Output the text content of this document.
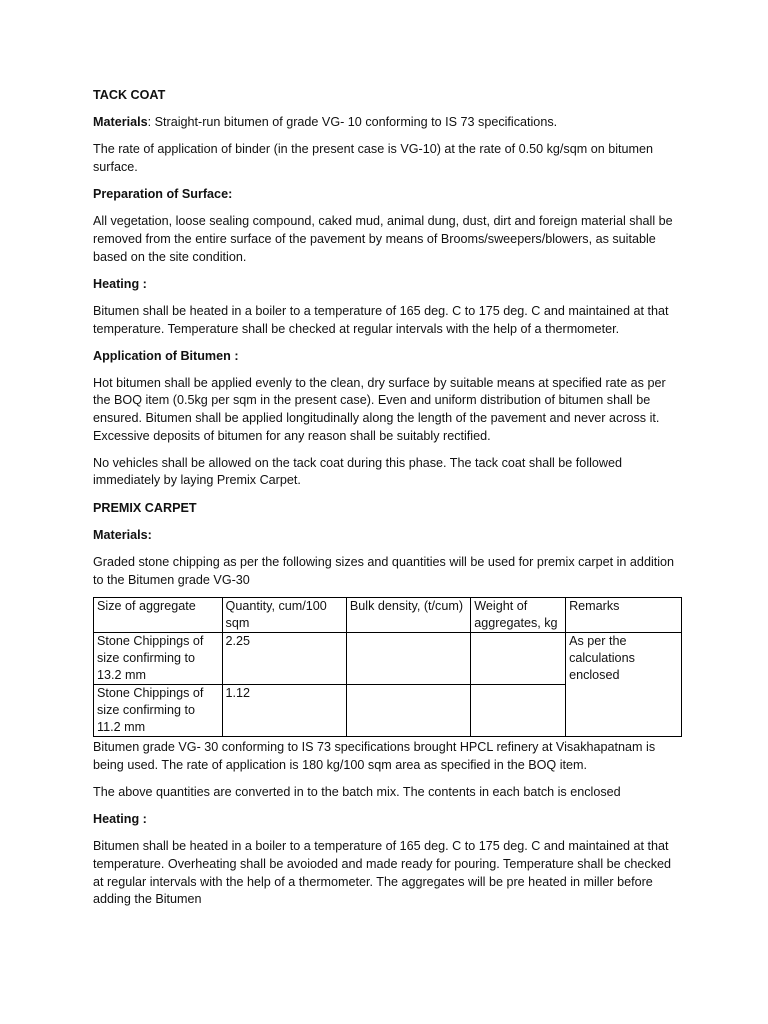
TACK COAT

Materials: Straight-run bitumen of grade VG- 10 conforming to IS 73 specifications.

The rate of application of binder (in the present case is VG-10) at the rate of 0.50 kg/sqm on bitumen surface.

Preparation of Surface:

All vegetation, loose sealing compound, caked mud, animal dung, dust, dirt and foreign material shall be removed from the entire surface of the pavement by means of Brooms/sweepers/blowers, as suitable based on the site condition.

Heating :

Bitumen shall be heated in a boiler to a temperature of 165 deg. C to 175 deg. C and maintained at that temperature. Temperature shall be checked at regular intervals with the help of a thermometer.

Application of Bitumen :

Hot bitumen shall be applied evenly to the clean, dry surface by suitable means at specified rate as per the BOQ item (0.5kg per sqm in the present case). Even and uniform distribution of bitumen shall be ensured. Bitumen shall be applied longitudinally along the length of the pavement and never across it. Excessive deposits of bitumen for any reason shall be suitably rectified.

No vehicles shall be allowed on the tack coat during this phase. The tack coat shall be followed immediately by laying Premix Carpet.

PREMIX CARPET

Materials:

Graded stone chipping as per the following sizes and quantities will be used for premix carpet in addition to the Bitumen grade VG-30

Size of aggregate	Quantity, cum/100 sqm	Bulk density, (t/cum)	Weight of aggregates, kg	Remarks
Stone Chippings of size confirming to 13.2 mm	2.25			As per the calculations enclosed
Stone Chippings of size confirming to 11.2 mm	1.12			

Bitumen grade VG- 30 conforming to IS 73 specifications brought HPCL refinery at Visakhapatnam is being used. The rate of application is 180 kg/100 sqm area as specified in the BOQ item.

The above quantities are converted in to the batch mix. The contents in each batch is enclosed

Heating :

Bitumen shall be heated in a boiler to a temperature of 165 deg. C to 175 deg. C and maintained at that temperature. Overheating shall be avoioded and made ready for pouring. Temperature shall be checked at regular intervals with the help of a thermometer. The aggregates will be pre heated in miller before adding the Bitumen
